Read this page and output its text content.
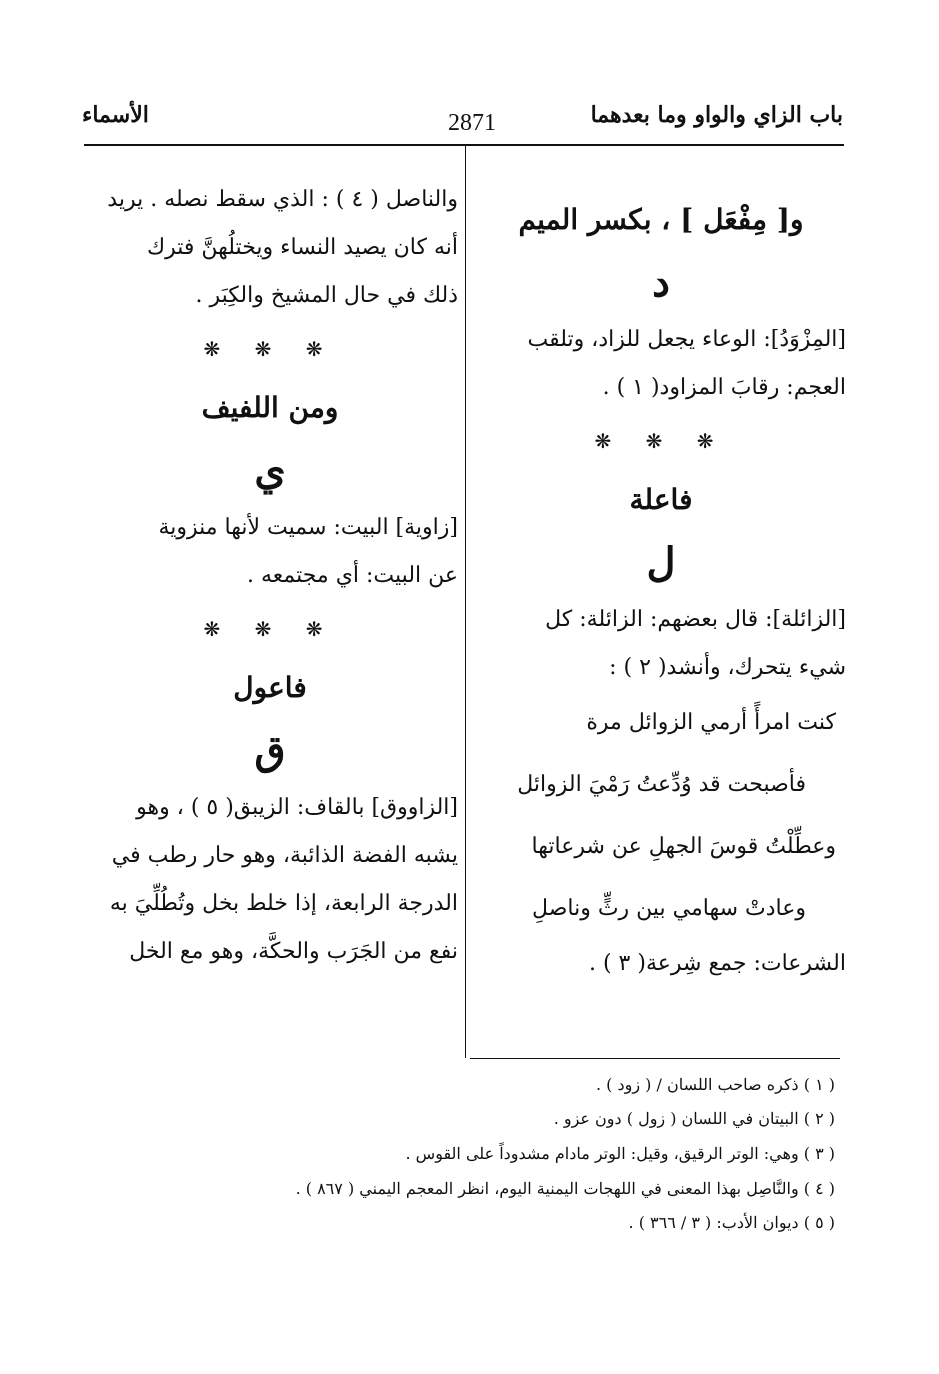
باب الزاي والواو وما بعدهما
2871
الأسماء
و[ مِفْعَل ] ، بكسر الميم
د
[المِزْوَدُ]: الوعاء يجعل للزاد، وتلقب
العجم: رقابَ المزاود( ١ ) .
❋ ❋ ❋
فاعلة
ل
[الزائلة]: قال بعضهم: الزائلة: كل
شيء يتحرك، وأنشد( ٢ ) :
كنت امرأً أرمي الزوائل مرة
فأصبحت قد وُدِّعتُ رَمْيَ الزوائل
وعطِّلْتُ قوسَ الجهلِ عن شرعاتها
وعادتْ سهامي بين رثٍّ وناصلِ
الشرعات: جمع شِرعة( ٣ ) .
والناصل ( ٤ ) : الذي سقط نصله . يريد
أنه كان يصيد النساء ويختلُهنَّ فترك
ذلك في حال المشيخ والكِبَر .
❋ ❋ ❋
ومن اللفيف
ي
[زاوية] البيت: سميت لأنها منزوية
عن البيت: أي مجتمعه .
❋ ❋ ❋
فاعول
ق
[الزاووق] بالقاف: الزيبق( ٥ ) ، وهو
يشبه الفضة الذائبة، وهو حار رطب في
الدرجة الرابعة، إذا خلط بخل وتُطُلِّيَ به
نفع من الجَرَب والحكَّة، وهو مع الخل
( ١ ) ذكره صاحب اللسان / ( زود ) .
( ٢ ) البيتان في اللسان ( زول ) دون عزو .
( ٣ ) وهي: الوتر الرقيق، وقيل: الوتر مادام مشدوداً على القوس .
( ٤ ) والنَّاصِل بهذا المعنى في اللهجات اليمنية اليوم، انظر المعجم اليمني ( ٨٦٧ ) .
( ٥ ) ديوان الأدب: ( ٣ / ٣٦٦ ) .
